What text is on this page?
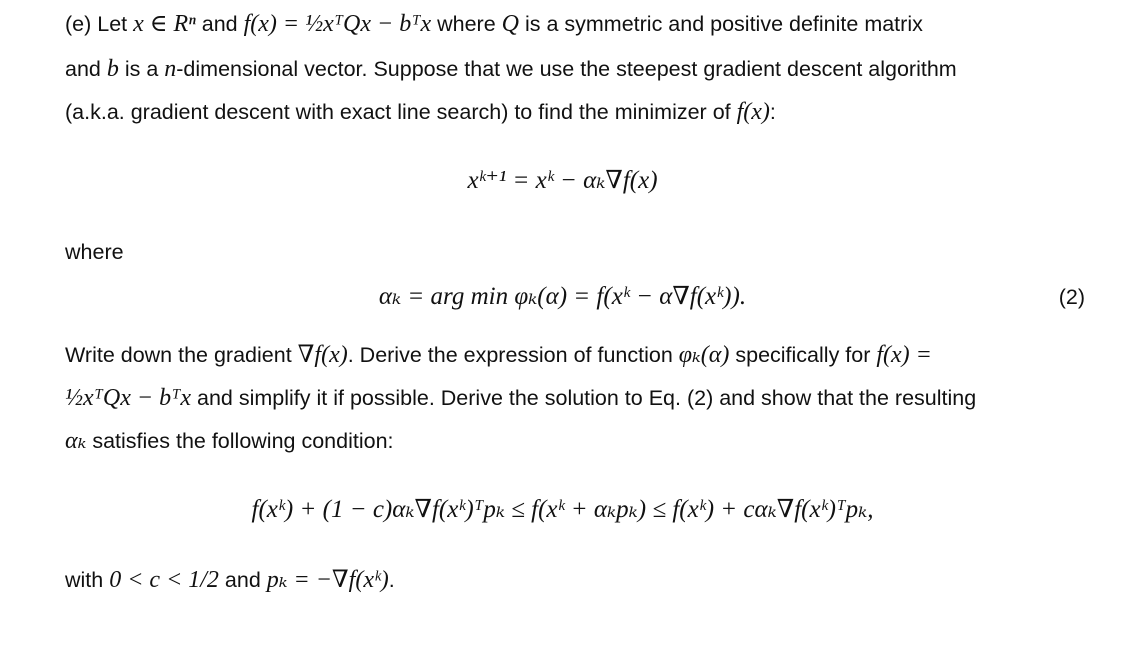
(e) Let x ∈ Rⁿ and f(x) = ½xᵀQx − bᵀx where Q is a symmetric and positive definite matrix
and b is a n-dimensional vector. Suppose that we use the steepest gradient descent algorithm
(a.k.a. gradient descent with exact line search) to find the minimizer of f(x):
xᵏ⁺¹ = xᵏ − αₖ∇f(x)
where
αₖ = arg min φₖ(α) = f(xᵏ − α∇f(xᵏ)).	(2)
Write down the gradient ∇f(x). Derive the expression of function φₖ(α) specifically for f(x) =
½xᵀQx − bᵀx and simplify it if possible. Derive the solution to Eq. (2) and show that the resulting
αₖ satisfies the following condition:
f(xᵏ) + (1 − c)αₖ∇f(xᵏ)ᵀpₖ ≤ f(xᵏ + αₖpₖ) ≤ f(xᵏ) + cαₖ∇f(xᵏ)ᵀpₖ,
with 0 < c < 1/2 and pₖ = −∇f(xᵏ).
